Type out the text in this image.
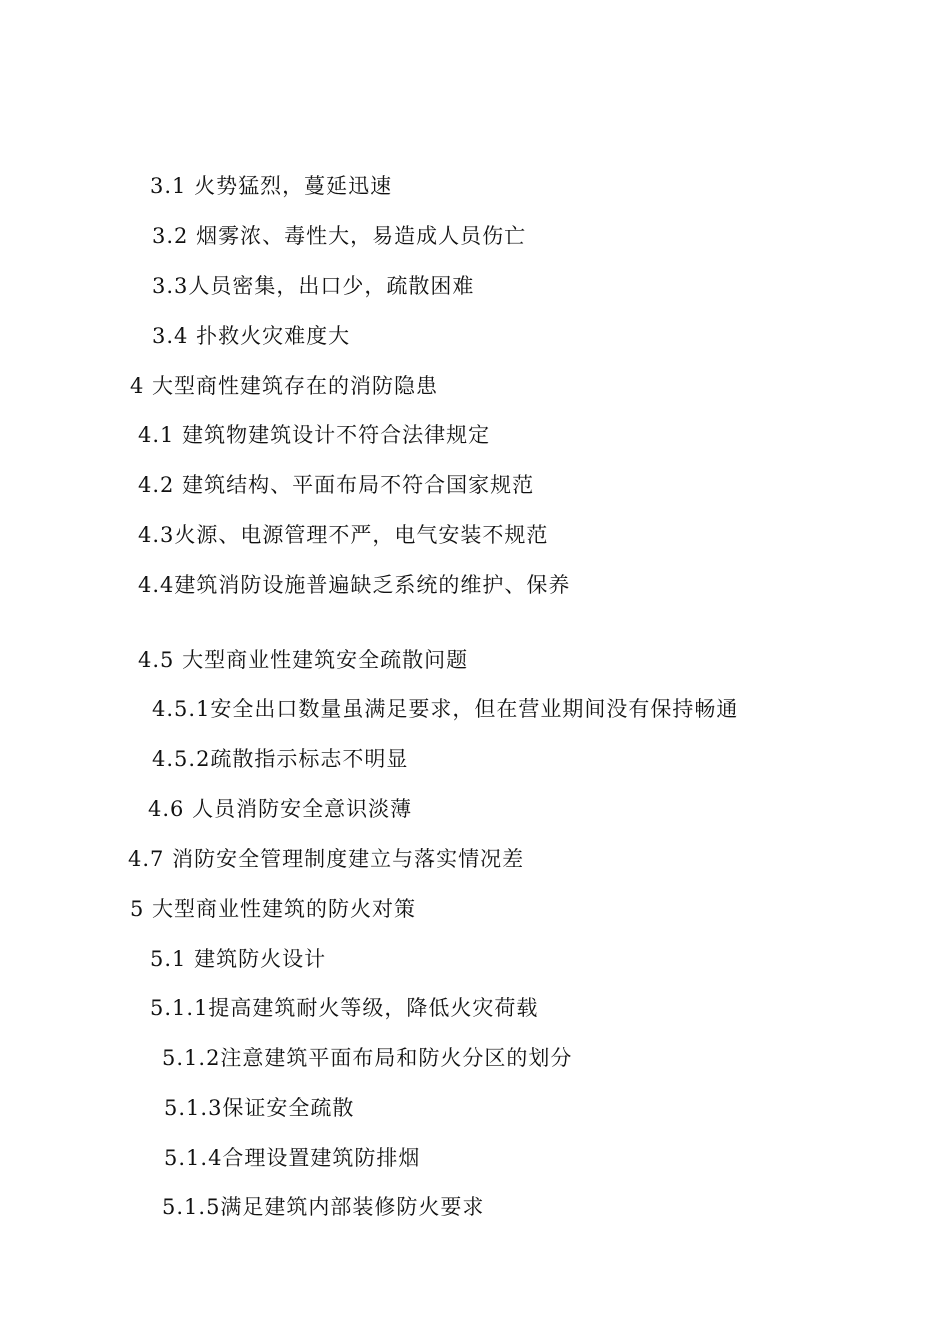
3.1 火势猛烈，蔓延迅速
3.2 烟雾浓、毒性大，易造成人员伤亡
3.3人员密集，出口少，疏散困难
3.4 扑救火灾难度大
4 大型商性建筑存在的消防隐患
4.1 建筑物建筑设计不符合法律规定
4.2 建筑结构、平面布局不符合国家规范
4.3火源、电源管理不严，电气安装不规范
4.4建筑消防设施普遍缺乏系统的维护、保养
4.5 大型商业性建筑安全疏散问题
4.5.1安全出口数量虽满足要求，但在营业期间没有保持畅通
4.5.2疏散指示标志不明显
4.6 人员消防安全意识淡薄
4.7 消防安全管理制度建立与落实情况差
5 大型商业性建筑的防火对策
5.1 建筑防火设计
5.1.1提高建筑耐火等级，降低火灾荷载
5.1.2注意建筑平面布局和防火分区的划分
5.1.3保证安全疏散
5.1.4合理设置建筑防排烟
5.1.5满足建筑内部装修防火要求
